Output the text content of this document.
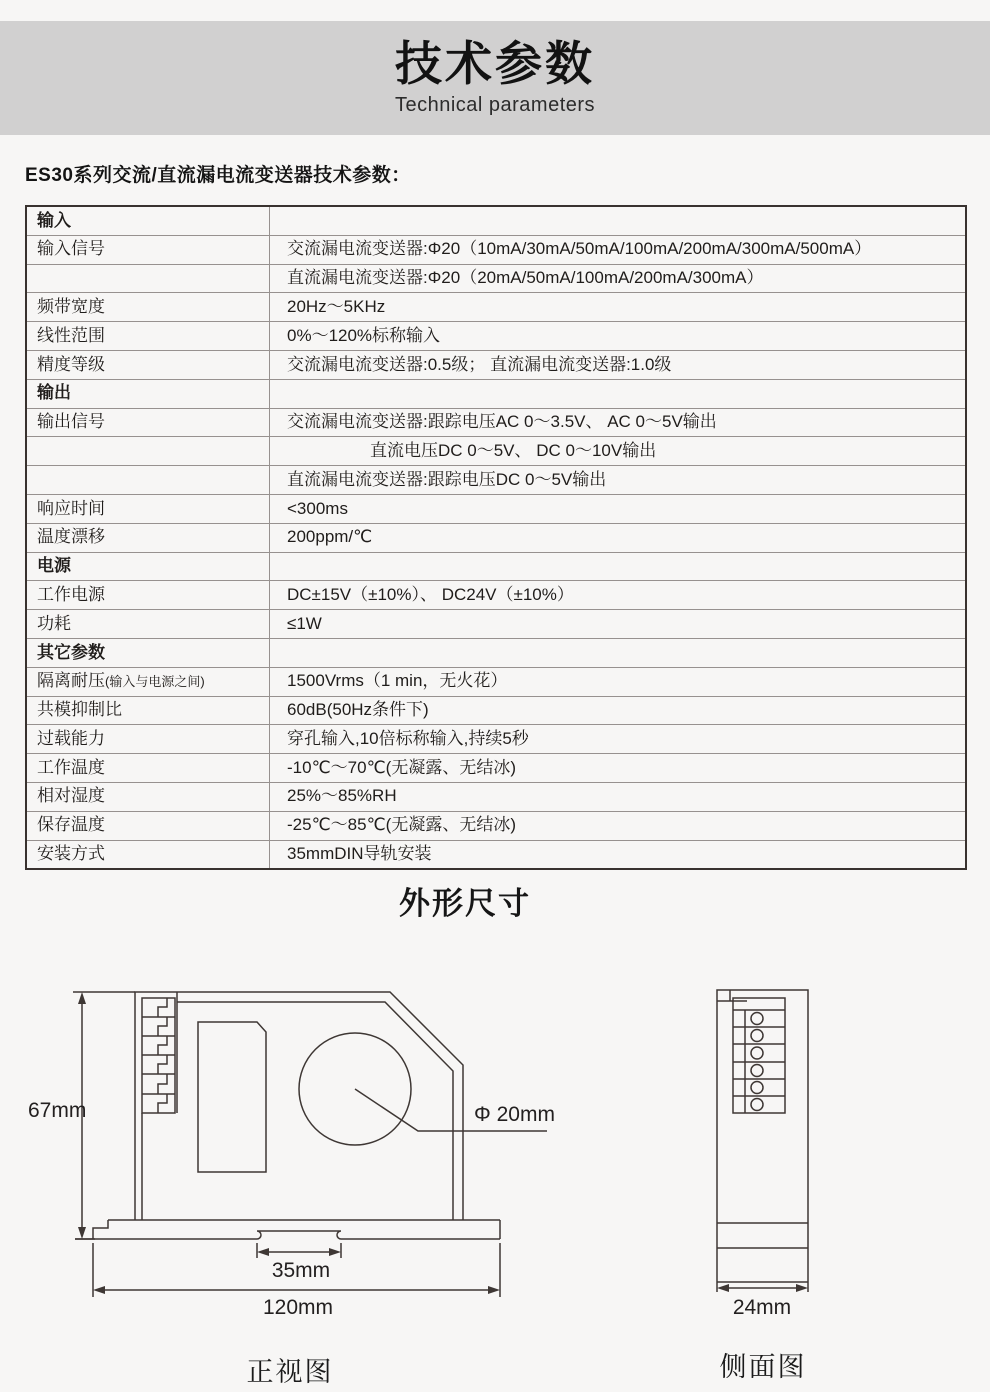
技术参数
Technical parameters
ES30系列交流/直流漏电流变送器技术参数：
输入	
输入信号	交流漏电流变送器:Φ20（10mA/30mA/50mA/100mA/200mA/300mA/500mA）
	直流漏电流变送器:Φ20（20mA/50mA/100mA/200mA/300mA）
频带宽度	20Hz～5KHz
线性范围	0%～120%标称输入
精度等级	交流漏电流变送器:0.5级； 直流漏电流变送器:1.0级
输出	
输出信号	交流漏电流变送器:跟踪电压AC 0～3.5V、 AC 0～5V输出
	直流电压DC 0～5V、 DC 0～10V输出
	直流漏电流变送器:跟踪电压DC 0～5V输出
响应时间	<300ms
温度漂移	200ppm/℃
电源	
工作电源	DC±15V（±10%）、 DC24V（±10%）
功耗	≤1W
其它参数	
隔离耐压(输入与电源之间)	1500Vrms（1 min，无火花）
共模抑制比	60dB(50Hz条件下)
过载能力	穿孔输入,10倍标称输入,持续5秒
工作温度	-10℃～70℃(无凝露、无结冰)
相对湿度	25%～85%RH
保存温度	-25℃～85℃(无凝露、无结冰)
安装方式	35mmDIN导轨安装
外形尺寸
67mm	Φ 20mm
35mm
120mm
正视图
24mm
侧面图
